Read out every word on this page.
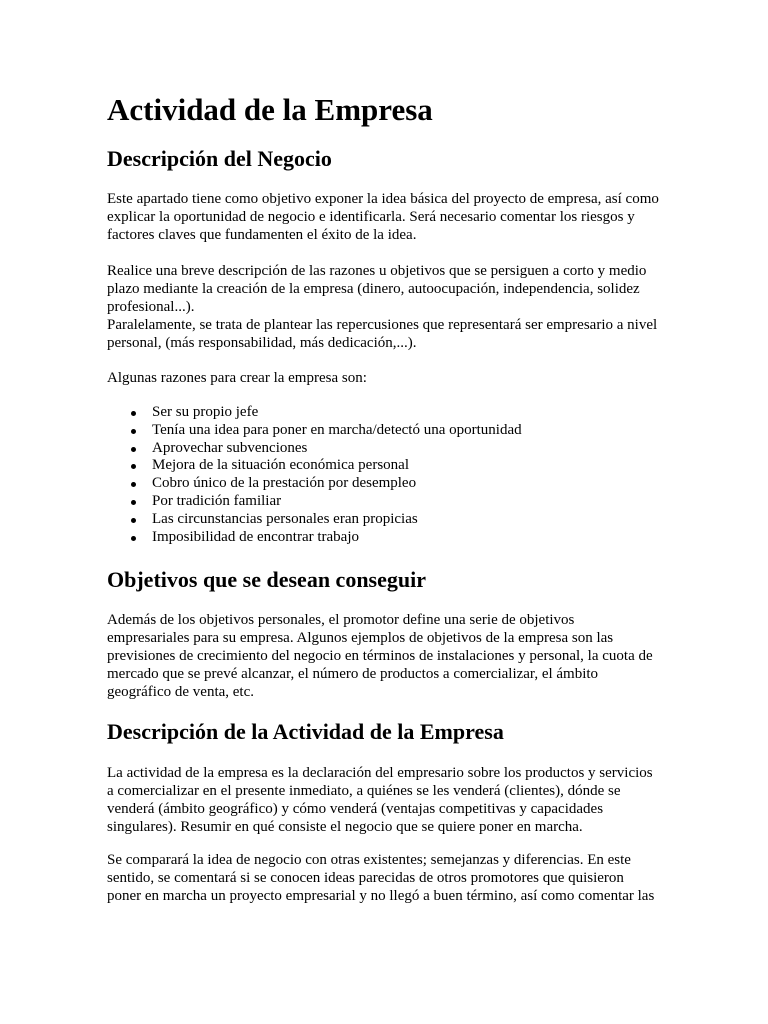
Actividad de la Empresa
Descripción del Negocio

Este apartado tiene como objetivo exponer la idea básica del proyecto de empresa, así como
explicar la oportunidad de negocio e identificarla. Será necesario comentar los riesgos y
factores claves que fundamenten el éxito de la idea.

Realice una breve descripción de las razones u objetivos que se persiguen a corto y medio
plazo mediante la creación de la empresa (dinero, autoocupación, independencia, solidez
profesional...).
Paralelamente, se trata de plantear las repercusiones que representará ser empresario a nivel
personal, (más responsabilidad, más dedicación,...).

Algunas razones para crear la empresa son:

Ser su propio jefe
Tenía una idea para poner en marcha/detectó una oportunidad
Aprovechar subvenciones
Mejora de la situación económica personal
Cobro único de la prestación por desempleo
Por tradición familiar
Las circunstancias personales eran propicias
Imposibilidad de encontrar trabajo
Objetivos que se desean conseguir

Además de los objetivos personales, el promotor define una serie de objetivos
empresariales para su empresa. Algunos ejemplos de objetivos de la empresa son las
previsiones de crecimiento del negocio en términos de instalaciones y personal, la cuota de
mercado que se prevé alcanzar, el número de productos a comercializar, el ámbito
geográfico de venta, etc.

Descripción de la Actividad de la Empresa

La actividad de la empresa es la declaración del empresario sobre los productos y servicios
a comercializar en el presente inmediato, a quiénes se les venderá (clientes), dónde se
venderá (ámbito geográfico) y cómo venderá (ventajas competitivas y capacidades
singulares). Resumir en qué consiste el negocio que se quiere poner en marcha.

Se comparará la idea de negocio con otras existentes; semejanzas y diferencias. En este
sentido, se comentará si se conocen ideas parecidas de otros promotores que quisieron
poner en marcha un proyecto empresarial y no llegó a buen término, así como comentar las
